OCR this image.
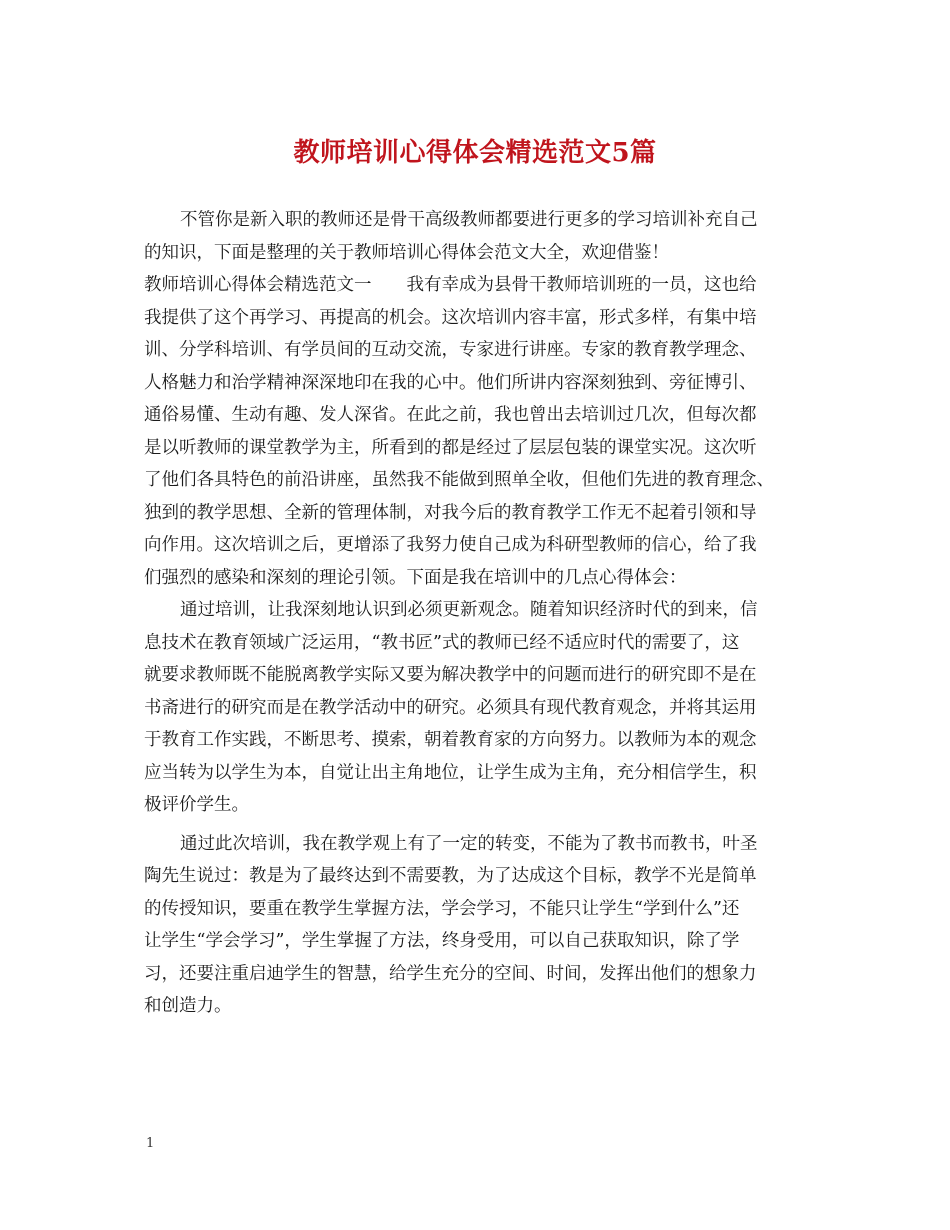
教师培训心得体会精选范文5篇
不管你是新入职的教师还是骨干高级教师都要进行更多的学习培训补充自己
的知识，下面是整理的关于教师培训心得体会范文大全，欢迎借鉴！
教师培训心得体会精选范文一　　我有幸成为县骨干教师培训班的一员，这也给
我提供了这个再学习、再提高的机会。这次培训内容丰富，形式多样，有集中培
训、分学科培训、有学员间的互动交流，专家进行讲座。专家的教育教学理念、
人格魅力和治学精神深深地印在我的心中。他们所讲内容深刻独到、旁征博引、
通俗易懂、生动有趣、发人深省。在此之前，我也曾出去培训过几次，但每次都
是以听教师的课堂教学为主，所看到的都是经过了层层包装的课堂实况。这次听
了他们各具特色的前沿讲座，虽然我不能做到照单全收，但他们先进的教育理念、
独到的教学思想、全新的管理体制，对我今后的教育教学工作无不起着引领和导
向作用。这次培训之后，更增添了我努力使自己成为科研型教师的信心，给了我
们强烈的感染和深刻的理论引领。下面是我在培训中的几点心得体会：
通过培训，让我深刻地认识到必须更新观念。随着知识经济时代的到来，信
息技术在教育领域广泛运用，“教书匠”式的教师已经不适应时代的需要了，这
就要求教师既不能脱离教学实际又要为解决教学中的问题而进行的研究即不是在
书斋进行的研究而是在教学活动中的研究。必须具有现代教育观念，并将其运用
于教育工作实践，不断思考、摸索，朝着教育家的方向努力。以教师为本的观念
应当转为以学生为本，自觉让出主角地位，让学生成为主角，充分相信学生，积
极评价学生。
通过此次培训，我在教学观上有了一定的转变，不能为了教书而教书，叶圣
陶先生说过：教是为了最终达到不需要教，为了达成这个目标，教学不光是简单
的传授知识，要重在教学生掌握方法，学会学习，不能只让学生“学到什么”还
让学生“学会学习”，学生掌握了方法，终身受用，可以自己获取知识，除了学
习，还要注重启迪学生的智慧，给学生充分的空间、时间，发挥出他们的想象力
和创造力。
1
